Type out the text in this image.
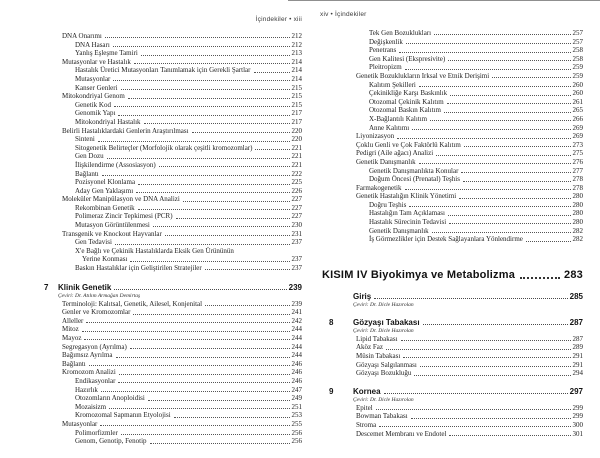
İçindekiler • xiii
xiv • İçindekiler
DNA Onarımı	212
DNA Hasarı	212
Yanlış Eşleşme Tamiri	213
Mutasyonlar ve Hastalık	214
Hastalık Üretici Mutasyonları Tanımlamak için Gerekli Şartlar	214
Mutasyonlar	214
Kanser Genleri	215
Mitokondriyal Genom	215
Genetik Kod	215
Genomik Yapı	217
Mitokondriyal Hastalık	217
Belirli Hastalıklardaki Genlerin Araştırılması	220
Sinteni	220
Sitogenetik Belirteçler (Morfolojik olarak çeşitli kromozomlar)	221
Gen Dozu	221
İlişkilendirme (Assosiasyon)	221
Bağlantı	222
Pozisyonel Klonlama	225
Aday Gen Yaklaşımı	226
Moleküler Manipülasyon ve DNA Analizi	227
Rekombinan Genetik	227
Polimeraz Zincir Tepkimesi (PCR)	227
Mutasyon Görüntülenmesi	230
Transgenik ve Knockout Hayvanlar	231
Gen Tedavisi	237
X'e Bağlı ve Çekinik Hastalıklarda Eksik Gen Ürününün
Yerine Konması	237
Baskın Hastalıklar için Geliştirilen Stratejiler	237
7 Klinik Genetik	239
Çeviri: Dr. Atılım Armağan Demirtaş
Terminoloji: Kalıtsal, Genetik, Ailesel, Konjenital	239
Genler ve Kromozomlar	241
Alleller	242
Mitoz	244
Mayoz	244
Segregasyon (Ayrılma)	244
Bağımsız Ayrılma	244
Bağlantı	246
Kromozom Analizi	246
Endikasyonlar	246
Hazırlık	247
Otozomların Anoploidisi	249
Mozaisizm	251
Kromozomal Sapmanın Etyolojisi	253
Mutasyonlar	255
Polimorfizmler	256
Genom, Genotip, Fenotip	256
Tek Gen Bozuklukları	257
Değişkenlik	257
Penetrans	258
Gen Kalitesi (Ekspresivite)	258
Pleitropizm	259
Genetik Bozuklukların Irksal ve Etnik Derişimi	259
Kalıtım Şekilleri	260
Çekinikliğe Karşı Baskınlık	260
Otozomal Çekinik Kalıtım	261
Otozomal Baskın Kalıtım	265
X-Bağlantılı Kalıtım	266
Anne Kalıtımı	269
Liyonizasyon	269
Çoklu Genli ve Çok Faktörlü Kalıtım	273
Pedigri (Aile ağacı) Analizi	275
Genetik Danışmanlık	276
Genetik Danışmanlıkta Konular	277
Doğum Öncesi (Prenatal) Teşhis	278
Farmakogenetik	278
Genetik Hastalığın Klinik Yönetimi	280
Doğru Teşhis	280
Hastalığın Tam Açıklaması	280
Hastalık Sürecinin Tedavisi	280
Genetik Danışmanlık	282
İş Görmezlikler için Destek Sağlayanlara Yönlendirme	282
KISIM IV Biyokimya ve Metabolizma	283
Giriş	285
Çeviri: Dr. Dicle Hazırolan
8 Gözyaşı Tabakası	287
Çeviri: Dr. Dicle Hazırolan
Lipid Tabakası	287
Aköz Faz	289
Müsin Tabakası	291
Gözyaşı Salgılanması	291
Gözyaşı Bozukluğu	294
9 Kornea	297
Çeviri: Dr. Dicle Hazırolan
Epitel	299
Bowman Tabakası	299
Stroma	300
Descemet Membranı ve Endotel	301
